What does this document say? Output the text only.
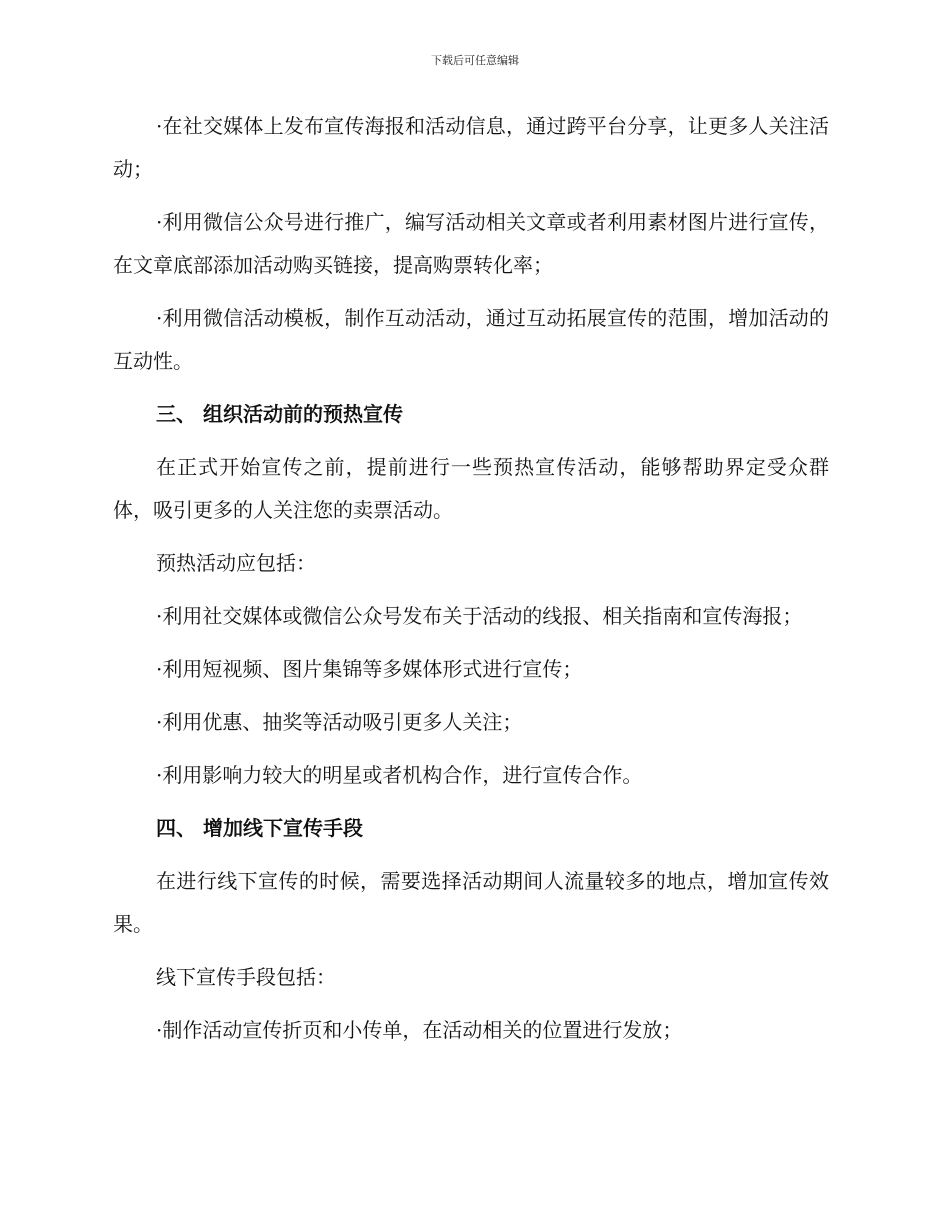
下载后可任意编辑

·在社交媒体上发布宣传海报和活动信息，通过跨平台分享，让更多人关注活动；

·利用微信公众号进行推广，编写活动相关文章或者利用素材图片进行宣传，在文章底部添加活动购买链接，提高购票转化率；

·利用微信活动模板，制作互动活动，通过互动拓展宣传的范围，增加活动的互动性。

三、 组织活动前的预热宣传

在正式开始宣传之前，提前进行一些预热宣传活动，能够帮助界定受众群体，吸引更多的人关注您的卖票活动。

预热活动应包括：

·利用社交媒体或微信公众号发布关于活动的线报、相关指南和宣传海报；

·利用短视频、图片集锦等多媒体形式进行宣传；

·利用优惠、抽奖等活动吸引更多人关注；

·利用影响力较大的明星或者机构合作，进行宣传合作。

四、 增加线下宣传手段

在进行线下宣传的时候，需要选择活动期间人流量较多的地点，增加宣传效果。

线下宣传手段包括：

·制作活动宣传折页和小传单，在活动相关的位置进行发放；
